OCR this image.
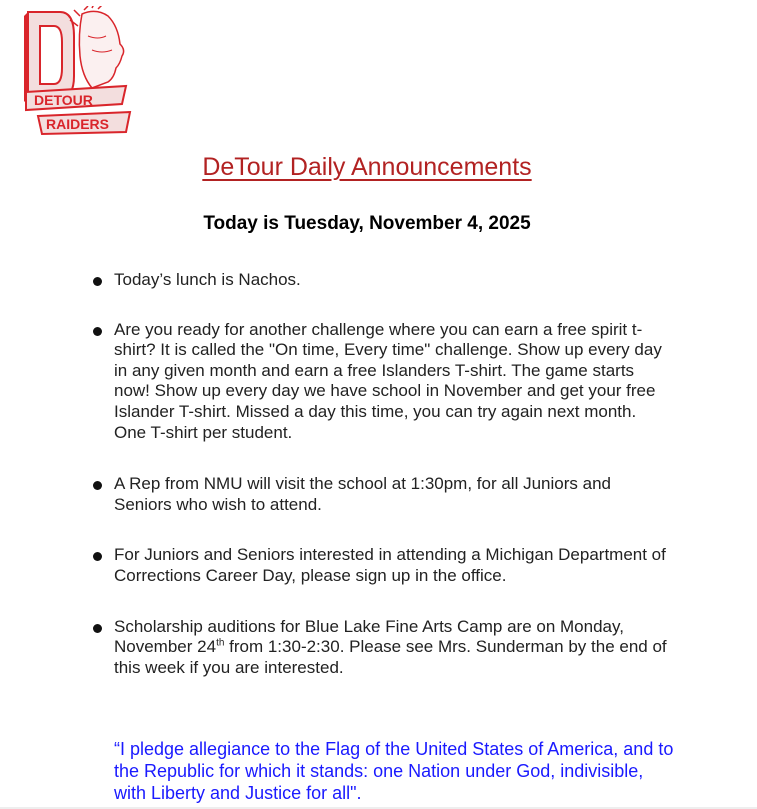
DETOUR
RAIDERS
DeTour Daily Announcements
Today is Tuesday, November 4, 2025
Today’s lunch is Nachos.
Are you ready for another challenge where you can earn a free spirit t-shirt? It is called the "On time, Every time" challenge. Show up every day in any given month and earn a free Islanders T-shirt. The game starts now! Show up every day we have school in November and get your free Islander T-shirt. Missed a day this time, you can try again next month. One T-shirt per student.
A Rep from NMU will visit the school at 1:30pm, for all Juniors and Seniors who wish to attend.
For Juniors and Seniors interested in attending a Michigan Department of Corrections Career Day, please sign up in the office.
Scholarship auditions for Blue Lake Fine Arts Camp are on Monday, November 24th from 1:30-2:30. Please see Mrs. Sunderman by the end of this week if you are interested.
“I pledge allegiance to the Flag of the United States of America, and to the Republic for which it stands: one Nation under God, indivisible, with Liberty and Justice for all".
